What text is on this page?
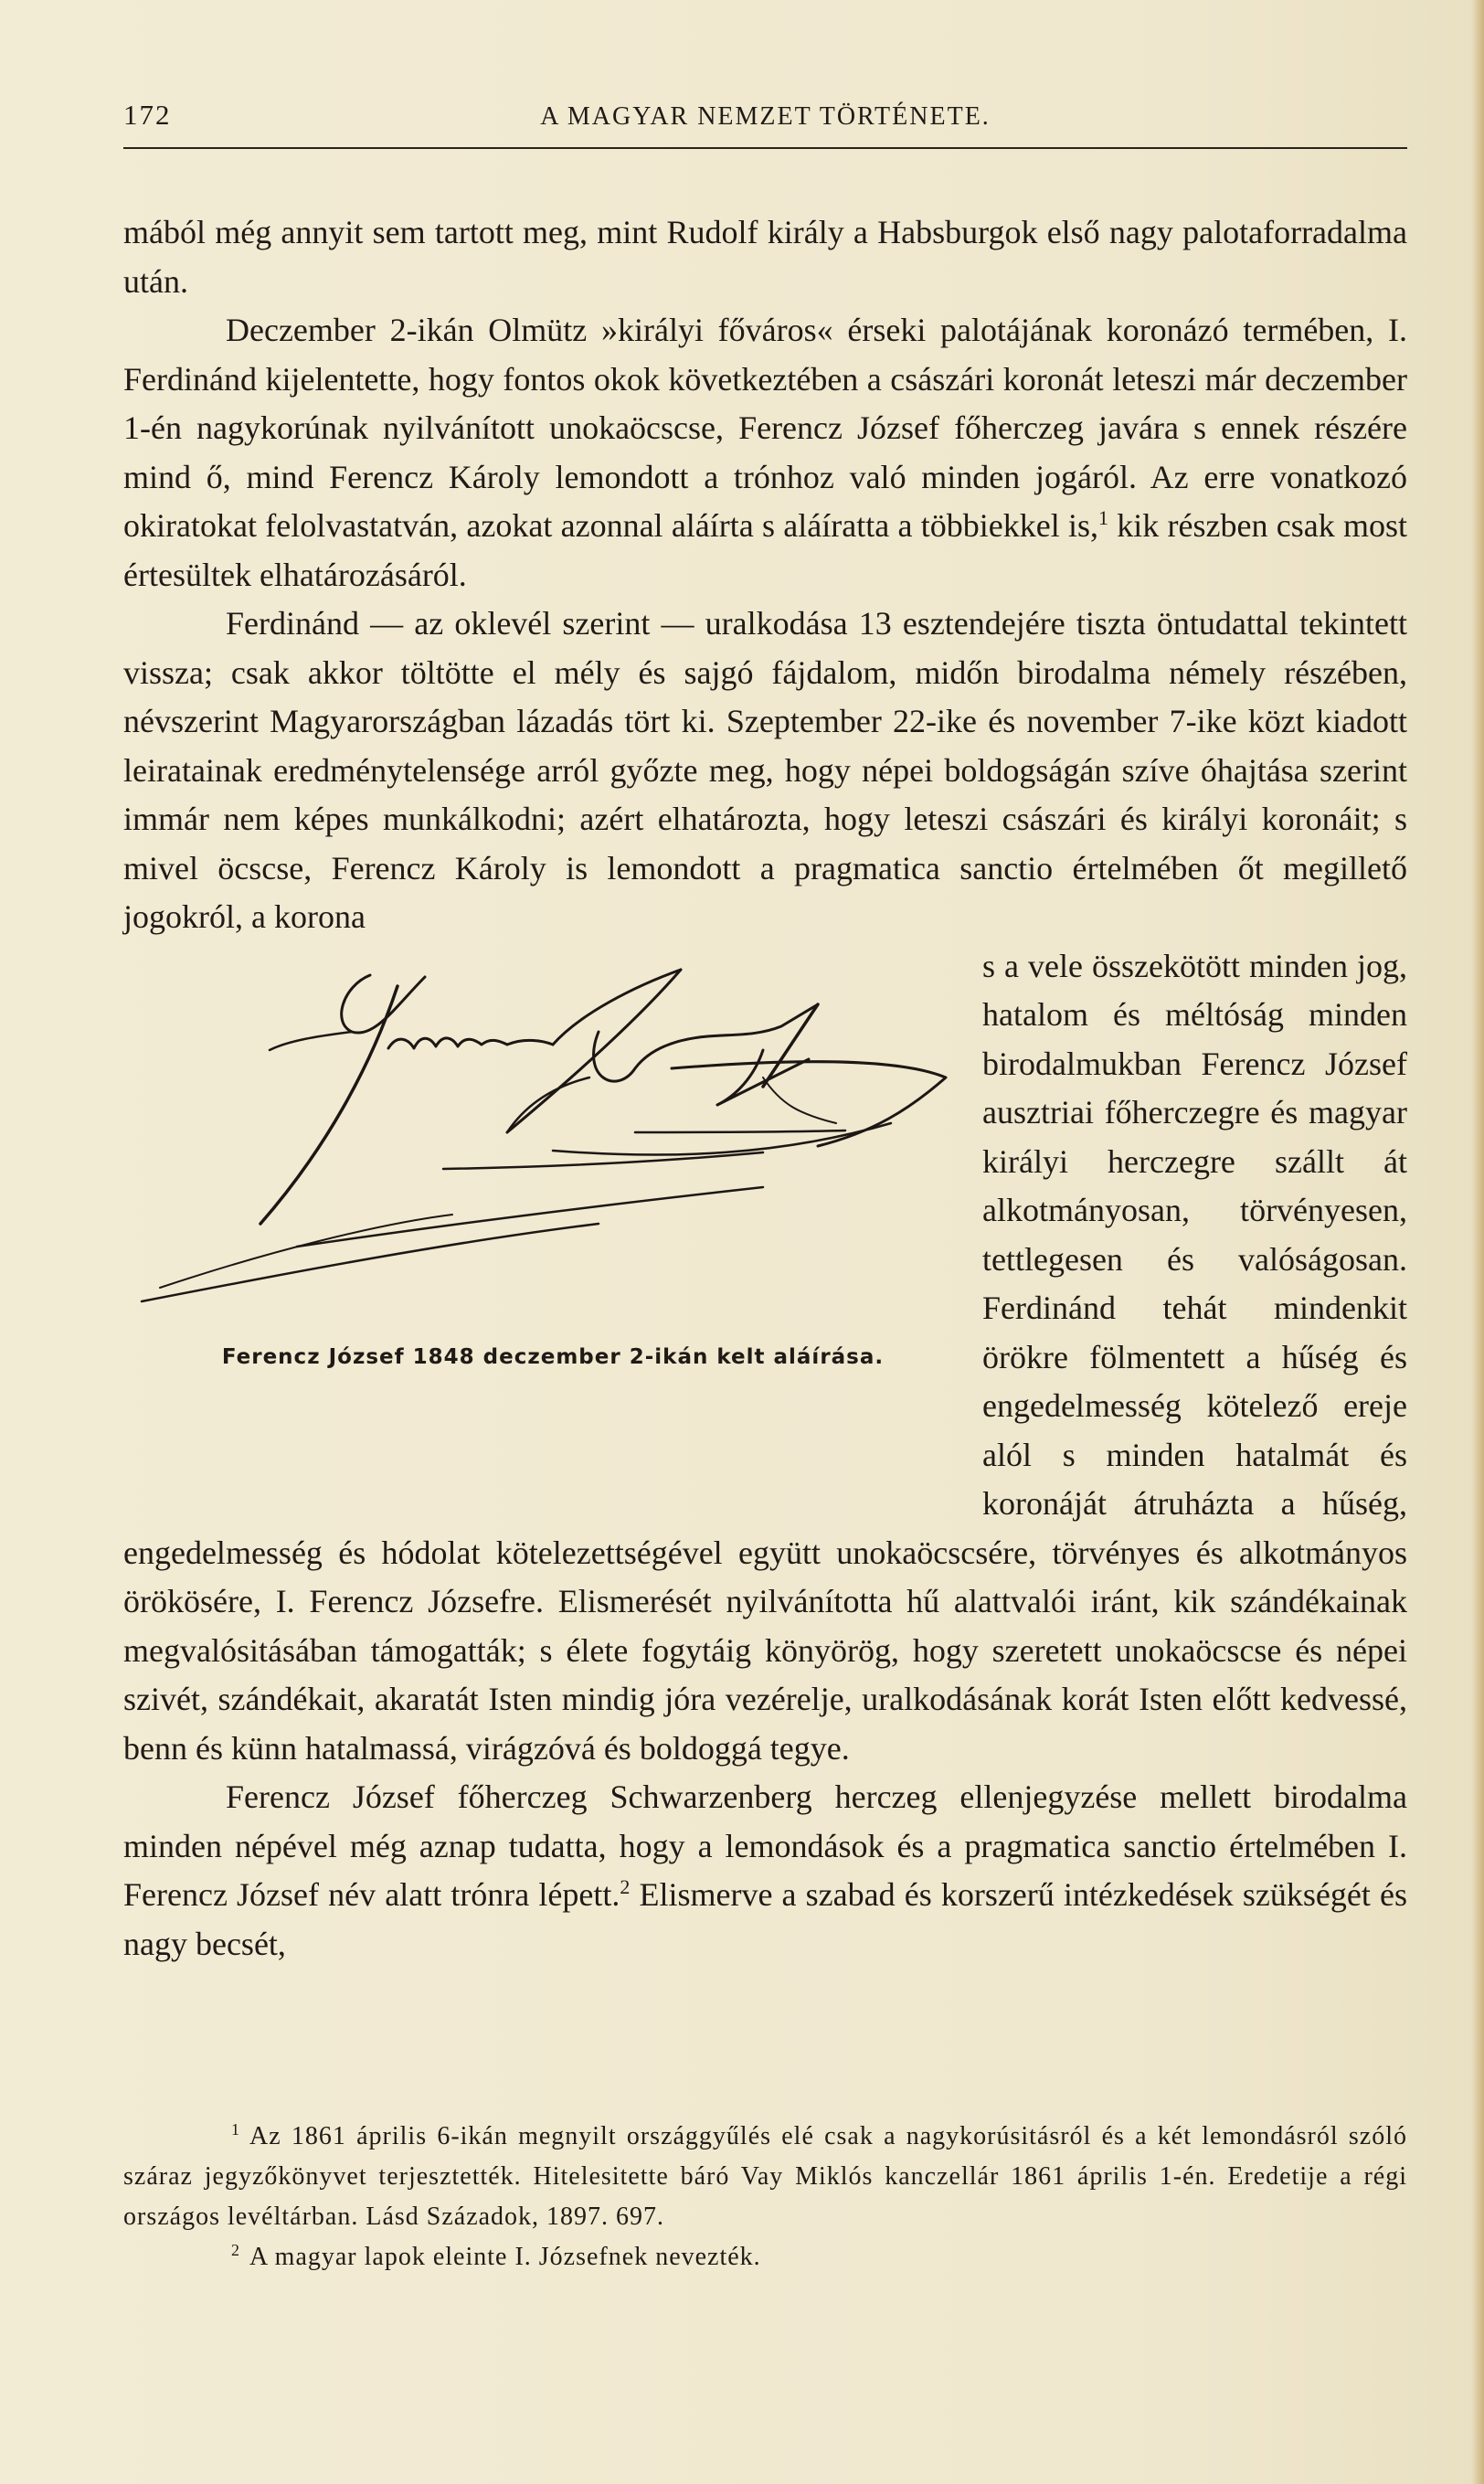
172	A MAGYAR NEMZET TÖRTÉNETE.

mából még annyit sem tartott meg, mint Rudolf király a Habsburgok első nagy palotaforradalma után.

Deczember 2-ikán Olmütz »királyi főváros« érseki palotájának koronázó termében, I. Ferdinánd kijelentette, hogy fontos okok következtében a császári koronát leteszi már deczember 1-én nagykorúnak nyilvánított unokaöcscse, Ferencz József főherczeg javára s ennek részére mind ő, mind Ferencz Károly lemondott a trónhoz való minden jogáról. Az erre vonatkozó okiratokat felolvastatván, azokat azonnal aláírta s aláíratta a többiekkel is,$^1$ kik részben csak most értesültek elhatározásáról.

Ferdinánd — az oklevél szerint — uralkodása 13 esztendejére tiszta öntudattal tekintett vissza; csak akkor töltötte el mély és sajgó fájdalom, midőn birodalma némely részében, névszerint Magyarországban lázadás tört ki. Szeptember 22-ike és november 7-ike közt kiadott leiratainak eredménytelensége arról győzte meg, hogy népei boldogságán szíve óhajtása szerint immár nem képes munkálkodni; azért elhatározta, hogy leteszi császári és királyi koronáit; s mivel öcscse, Ferencz Károly is lemondott a pragmatica sanctio értelmében őt megillető jogokról, a korona

Ferencz József 1848 deczember 2-ikán kelt aláírása.

s a vele összekötött minden jog, hatalom és méltóság minden birodalmukban Ferencz József ausztriai főherczegre és magyar királyi herczegre szállt át alkotmányosan, törvényesen, tettlegesen és valóságosan. Ferdinánd tehát mindenkit örökre fölmentett a hűség és engedelmesség kötelező ereje alól s minden hatalmát és koronáját átruházta a hűség, engedelmesség és hódolat kötelezettségével együtt unokaöcscsére, törvényes és alkotmányos örökösére, I. Ferencz Józsefre. Elismerését nyilvánította hű alattvalói iránt, kik szándékainak megvalósitásában támogatták; s élete fogytáig könyörög, hogy szeretett unokaöcscse és népei szivét, szándékait, akaratát Isten mindig jóra vezérelje, uralkodásának korát Isten előtt kedvessé, benn és künn hatalmassá, virágzóvá és boldoggá tegye.

Ferencz József főherczeg Schwarzenberg herczeg ellenjegyzése mellett birodalma minden népével még aznap tudatta, hogy a lemondások és a pragmatica sanctio értelmében I. Ferencz József név alatt trónra lépett.$^2$ Elismerve a szabad és korszerű intézkedések szükségét és nagy becsét,

$^1$ Az 1861 április 6-ikán megnyilt országgyűlés elé csak a nagykorúsitásról és a két lemondásról szóló száraz jegyzőkönyvet terjesztették. Hitelesitette báró Vay Miklós kanczellár 1861 április 1-én. Eredetije a régi országos levéltárban. Lásd Századok, 1897. 697.

$^2$ A magyar lapok eleinte I. Józsefnek nevezték.
